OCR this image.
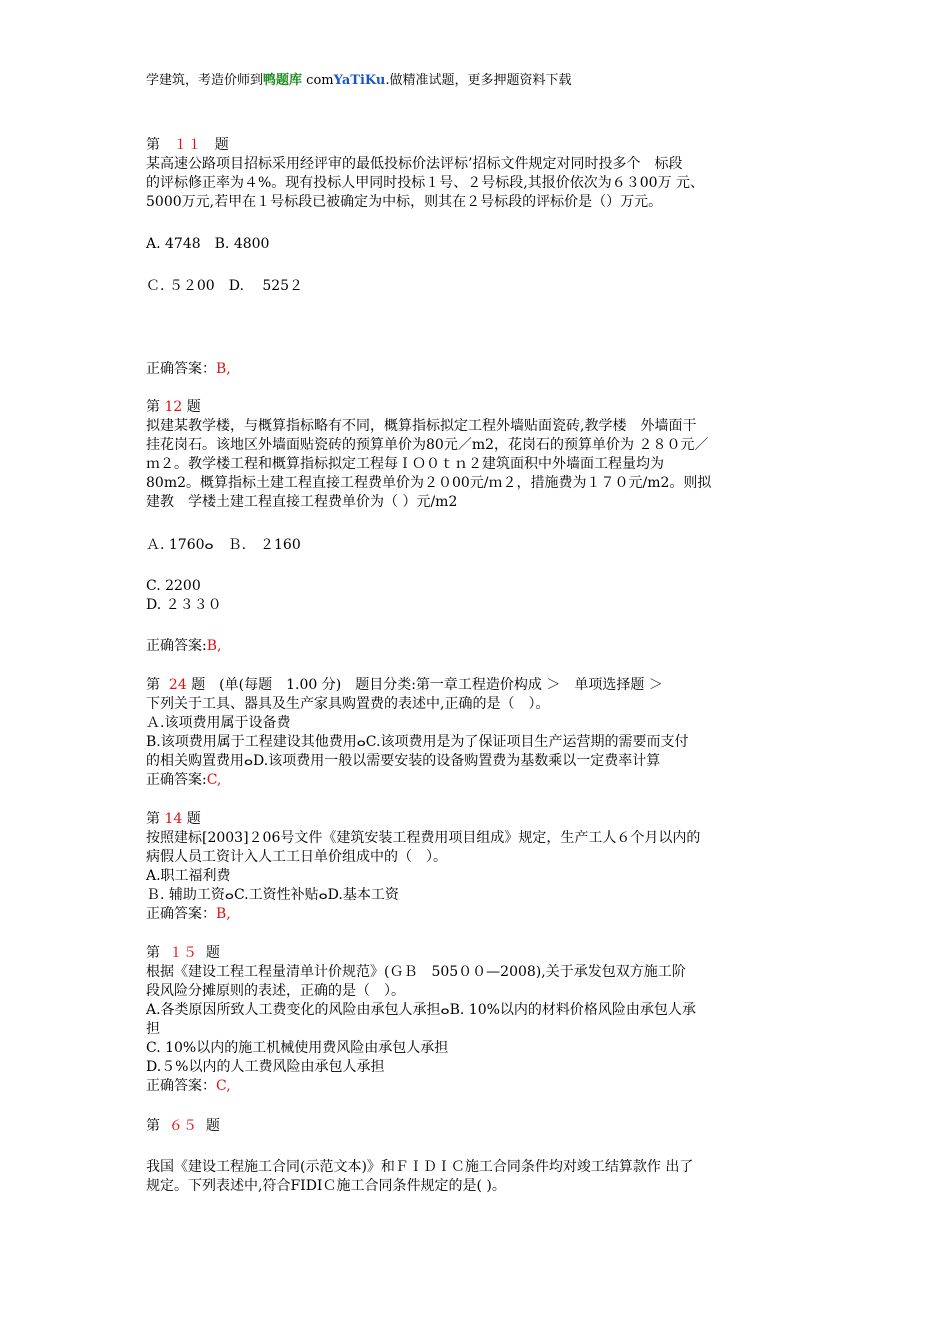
学建筑，考造价师到鸭题库 comYaTiKu.做精准试题，更多押题资料下载
第 １１ 题
某高速公路项目招标采用经评审的最低投标价法评标’招标文件规定对同时投多个　标段
的评标修正率为４%。现有投标人甲同时投标１号、２号标段,其报价依次为６３00万 元、
5000万元,若甲在１号标段已被确定为中标，则其在２号标段的评标价是（）万元。
A. 4748　B. 4800
Ｃ. ５２00　D.　 525２
正确答案：B,
第 12 题
拟建某教学楼，与概算指标略有不同，概算指标拟定工程外墙贴面瓷砖,教学楼　外墙面干
挂花岗石。该地区外墙面贴瓷砖的预算单价为80元／m2，花岗石的预算单价为 ２８０元／
ｍ２。教学楼工程和概算指标拟定工程每ＩＯ０ｔｎ２建筑面积中外墙面工程量均为
80m2。概算指标土建工程直接工程费单价为２０00元/ｍ２，措施费为１７０元/m2。则拟
建教　学楼土建工程直接工程费单价为（ ）元/m2
Ａ. 1760ⴰ　Ｂ.　２160
C. 2200
D. ２３３０
正确答案:B,
第 24 题　(单(每题　1.00 分)　题目分类:第一章工程造价构成 ＞　单项选择题 ＞
下列关于工具、器具及生产家具购置费的表述中,正确的是（　）。
Ａ.该项费用属于设备费
B.该项费用属于工程建设其他费用ⴰC.该项费用是为了保证项目生产运营期的需要而支付
的相关购置费用ⴰD.该项费用一般以需要安装的设备购置费为基数乘以一定费率计算
正确答案:C,
第 14 题
按照建标[2003]２06号文件《建筑安装工程费用项目组成》规定，生产工人６个月以内的
病假人员工资计入人工工日单价组成中的（　）。
A.职工福利费
Ｂ. 辅助工资ⴰC.工资性补贴ⴰD.基本工资
正确答案：B,
第 １５ 题
根据《建设工程工程量清单计价规范》(ＧＢ　505００—2008),关于承发包双方施工阶
段风险分摊原则的表述，正确的是（　）。
A.各类原因所致人工费变化的风险由承包人承担ⴰB. 10%以内的材料价格风险由承包人承
担
C. 10%以内的施工机械使用费风险由承包人承担
D.５%以内的人工费风险由承包人承担
正确答案：C,
第 ６５ 题
我国《建设工程施工合同(示范文本)》和ＦＩＤＩＣ施工合同条件均对竣工结算款作 出了
规定。下列表述中,符合FIDIＣ施工合同条件规定的是( )。
